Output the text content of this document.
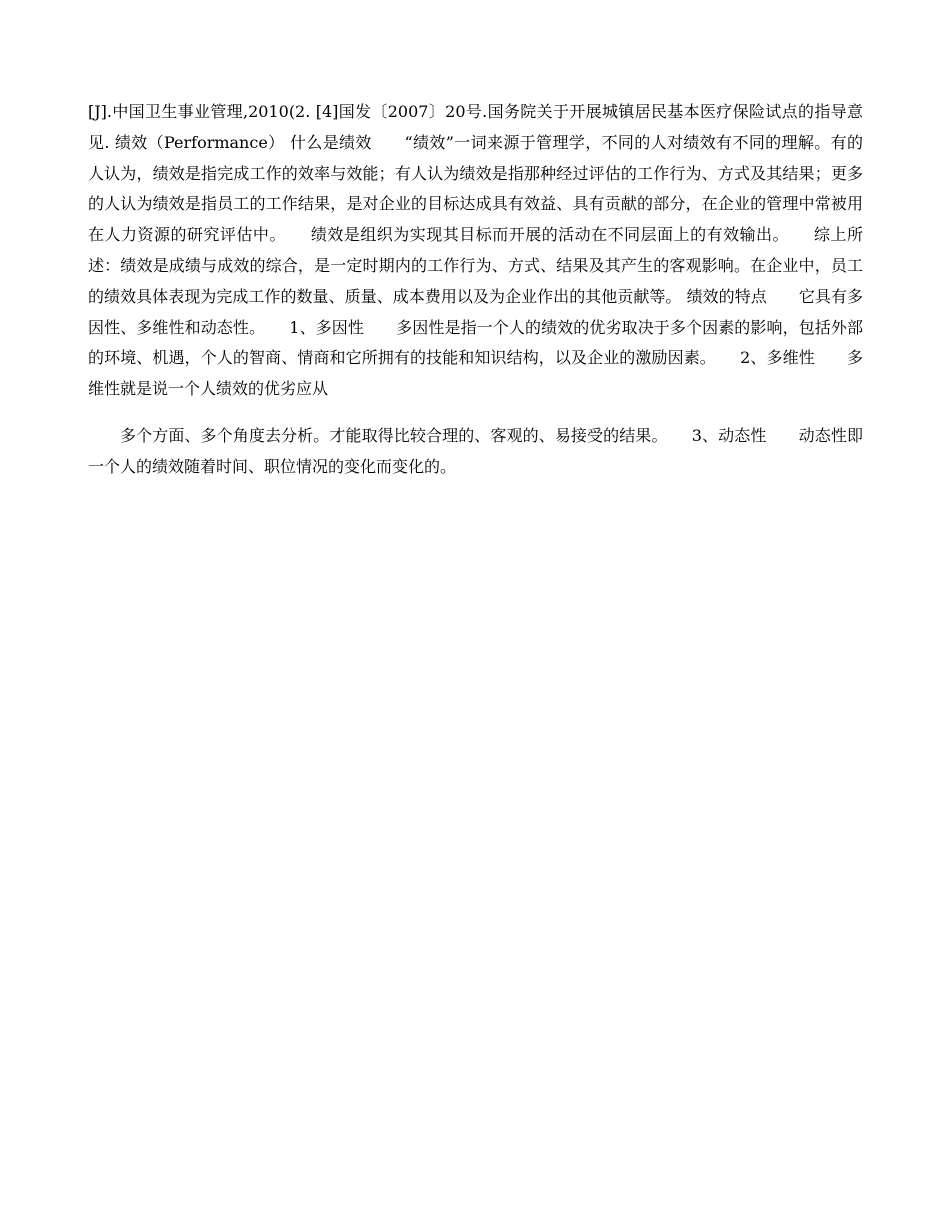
[J].中国卫生事业管理,2010(2. [4]国发〔2007〕20号.国务院关于开展城镇居民基本医疗保险试点的指导意见. 绩效（Performance） 什么是绩效　　“绩效”一词来源于管理学，不同的人对绩效有不同的理解。有的人认为，绩效是指完成工作的效率与效能；有人认为绩效是指那种经过评估的工作行为、方式及其结果；更多的人认为绩效是指员工的工作结果，是对企业的目标达成具有效益、具有贡献的部分，在企业的管理中常被用在人力资源的研究评估中。　　绩效是组织为实现其目标而开展的活动在不同层面上的有效输出。　　综上所述：绩效是成绩与成效的综合，是一定时期内的工作行为、方式、结果及其产生的客观影响。在企业中，员工的绩效具体表现为完成工作的数量、质量、成本费用以及为企业作出的其他贡献等。 绩效的特点　　它具有多因性、多维性和动态性。　　1、多因性　　多因性是指一个人的绩效的优劣取决于多个因素的影响，包括外部的环境、机遇，个人的智商、情商和它所拥有的技能和知识结构，以及企业的激励因素。　　2、多维性　　多维性就是说一个人绩效的优劣应从

多个方面、多个角度去分析。才能取得比较合理的、客观的、易接受的结果。　　3、动态性　　动态性即一个人的绩效随着时间、职位情况的变化而变化的。
